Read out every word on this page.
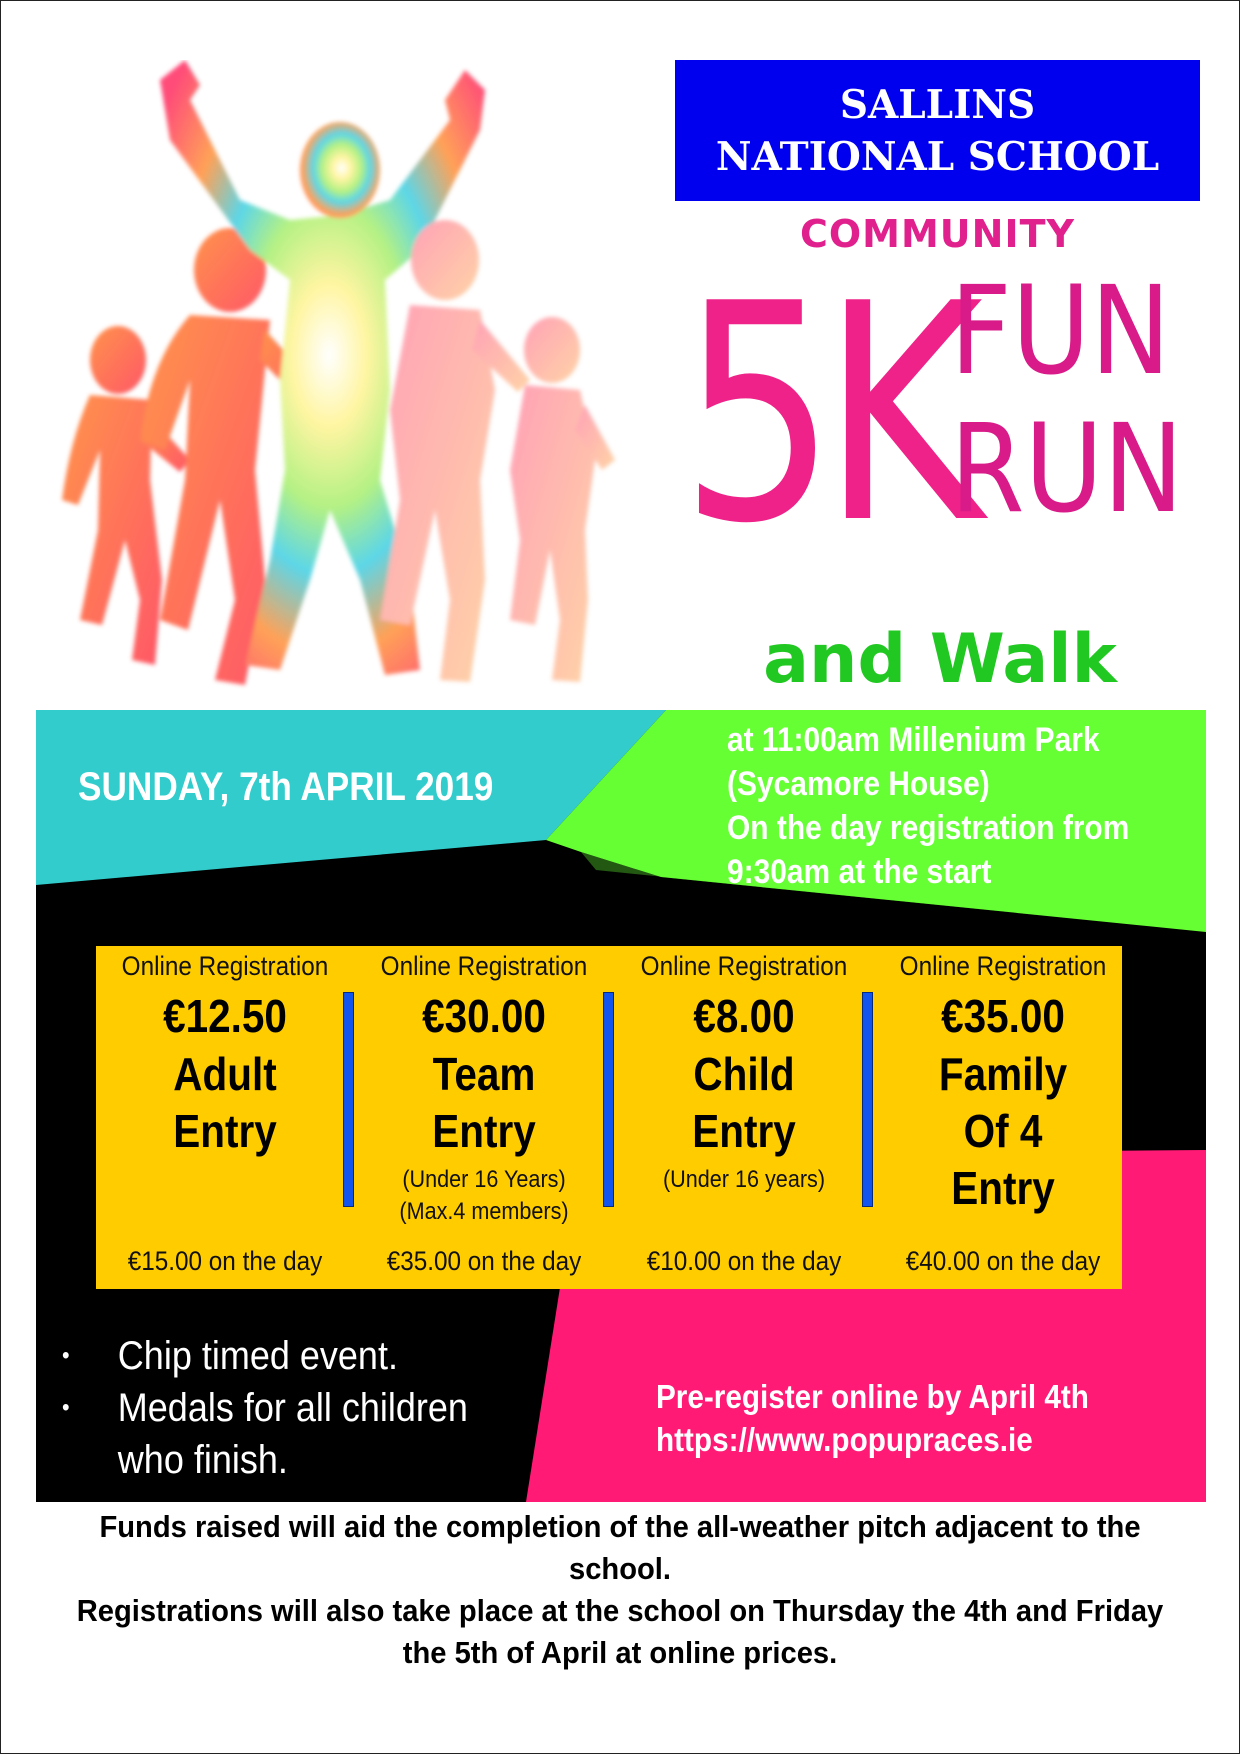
SALLINS
NATIONAL SCHOOL
COMMUNITY
5K
FUN
RUN
and Walk
SUNDAY, 7th APRIL 2019
at 11:00am Millenium Park
(Sycamore House)
On the day registration from
9:30am at the start
Online Registration
€12.50
Adult
Entry
€15.00 on the day
Online Registration
€30.00
Team
Entry
(Under 16 Years)
(Max.4 members)
€35.00 on the day
Online Registration
€8.00
Child
Entry
(Under 16 years)
€10.00 on the day
Online Registration
€35.00
Family
Of 4
Entry
€40.00 on the day
•	Chip timed event.
•	Medals for all children
who finish.
Pre-register online by April 4th
https://www.popupraces.ie
Funds raised will aid the completion of the all-weather pitch adjacent to the
school.
Registrations will also take place at the school on Thursday the 4th and Friday
the 5th of April at online prices.
